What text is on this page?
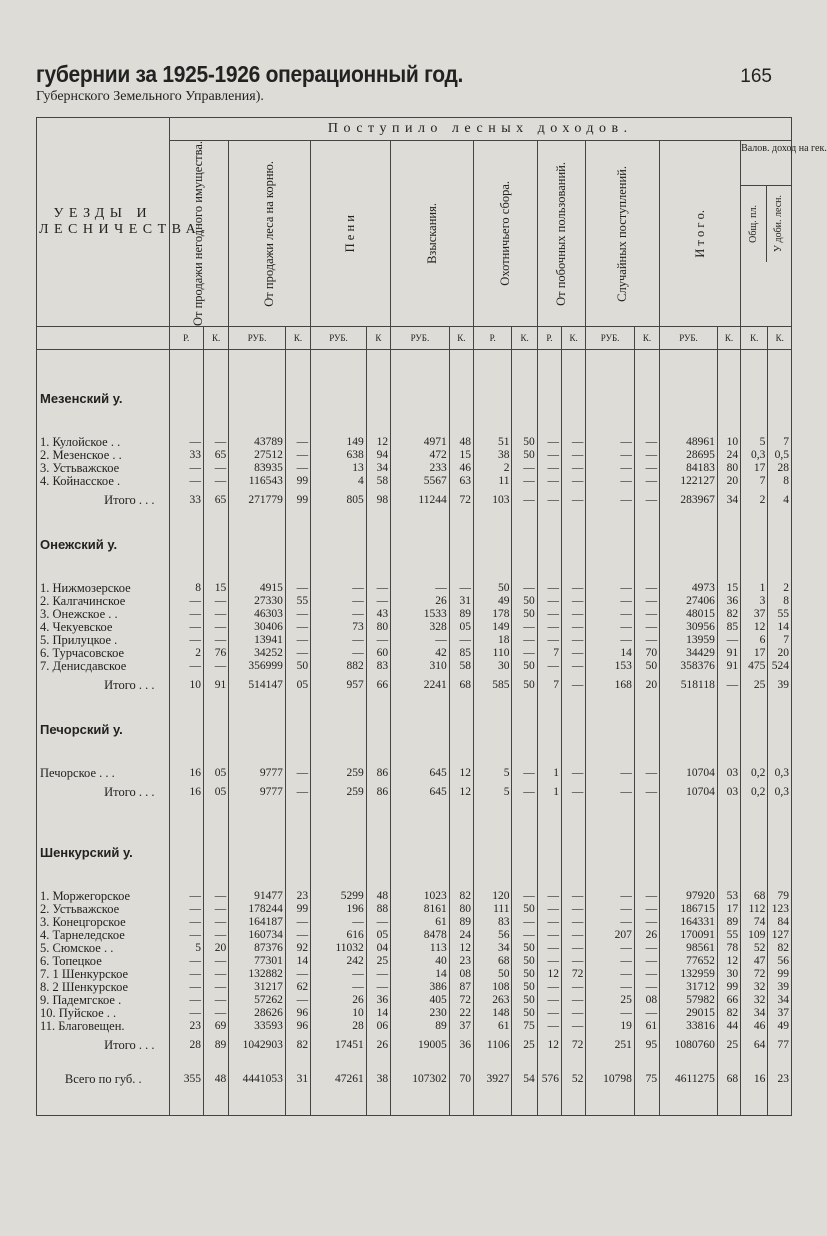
губернии за 1925-1926 операционный год.
Губернского Земельного Управления).
165
УЕЗДЫ И
ЛЕСНИЧЕСТВА.	Поступило лесных доходов.																	

	От продажи негодного имущества.		От продажи леса на корню.		П е н и		Взыскания.		Охотничьего сбора.		От побочных пользований.		Случайных поступлений.		И т о г о.		Валов. доход на гек.
Общ. пл. У доби. лесн.	

	Р.	К.	РУБ.	К.	РУБ.	К	РУБ.	К.	Р.	К.	Р.	К.	РУБ.	К.	РУБ.	К.	К.	К.

Мезенский у.																		

1. Кулойское . .	—	—	43789	—	149	12	4971	48	51	50	—	—	—	—	48961	10	5	7
2. Мезенское . .	33	65	27512	—	638	94	472	15	38	50	—	—	—	—	28695	24	0,3	0,5
3. Устьважское	—	—	83935	—	13	34	233	46	2	—	—	—	—	—	84183	80	17	28
4. Койнасское .	—	—	116543	99	4	58	5567	63	11	—	—	—	—	—	122127	20	7	8
Итого . . .	33	65	271779	99	805	98	11244	72	103	—	—	—	—	—	283967	34	2	4

Онежский у.																		

1. Нижмозерское	8	15	4915	—	—	—	—	—	50	—	—	—	—	—	4973	15	1	2
2. Калгачинское	—	—	27330	55	—	—	26	31	49	50	—	—	—	—	27406	36	3	8
3. Онежское . .	—	—	46303	—	—	43	1533	89	178	50	—	—	—	—	48015	82	37	55
4. Чекуевское	—	—	30406	—	73	80	328	05	149	—	—	—	—	—	30956	85	12	14
5. Прилуцкое .	—	—	13941	—	—	—	—	—	18	—	—	—	—	—	13959	—	6	7
6. Турчасовское	2	76	34252	—	—	60	42	85	110	—	7	—	14	70	34429	91	17	20
7. Денисдавское	—	—	356999	50	882	83	310	58	30	50	—	—	153	50	358376	91	475	524
Итого . . .	10	91	514147	05	957	66	2241	68	585	50	7	—	168	20	518118	—	25	39

Печорский у.																		

Печорское . . .	16	05	9777	—	259	86	645	12	5	—	1	—	—	—	10704	03	0,2	0,3
Итого . . .	16	05	9777	—	259	86	645	12	5	—	1	—	—	—	10704	03	0,2	0,3

Шенкурский у.																		

1. Моржегорское	—	—	91477	23	5299	48	1023	82	120	—	—	—	—	—	97920	53	68	79
2. Устьважское	—	—	178244	99	196	88	8161	80	111	50	—	—	—	—	186715	17	112	123
3. Конецгорское	—	—	164187	—	—	—	61	89	83	—	—	—	—	—	164331	89	74	84
4. Тарнеледское	—	—	160734	—	616	05	8478	24	56	—	—	—	207	26	170091	55	109	127
5. Сюмское . .	5	20	87376	92	11032	04	113	12	34	50	—	—	—	—	98561	78	52	82
6. Топецкое	—	—	77301	14	242	25	40	23	68	50	—	—	—	—	77652	12	47	56
7. 1 Шенкурское	—	—	132882	—	—	—	14	08	50	50	12	72	—	—	132959	30	72	99
8. 2 Шенкурское	—	—	31217	62	—	—	386	87	108	50	—	—	—	—	31712	99	32	39
9. Падемгское .	—	—	57262	—	26	36	405	72	263	50	—	—	25	08	57982	66	32	34
10. Пуйское . .	—	—	28626	96	10	14	230	22	148	50	—	—	—	—	29015	82	34	37
11. Благовещен.	23	69	33593	96	28	06	89	37	61	75	—	—	19	61	33816	44	46	49
Итого . . .	28	89	1042903	82	17451	26	19005	36	1106	25	12	72	251	95	1080760	25	64	77
Всего по губ. .	355	48	4441053	31	47261	38	107302	70	3927	54	576	52	10798	75	4611275	68	16	23
